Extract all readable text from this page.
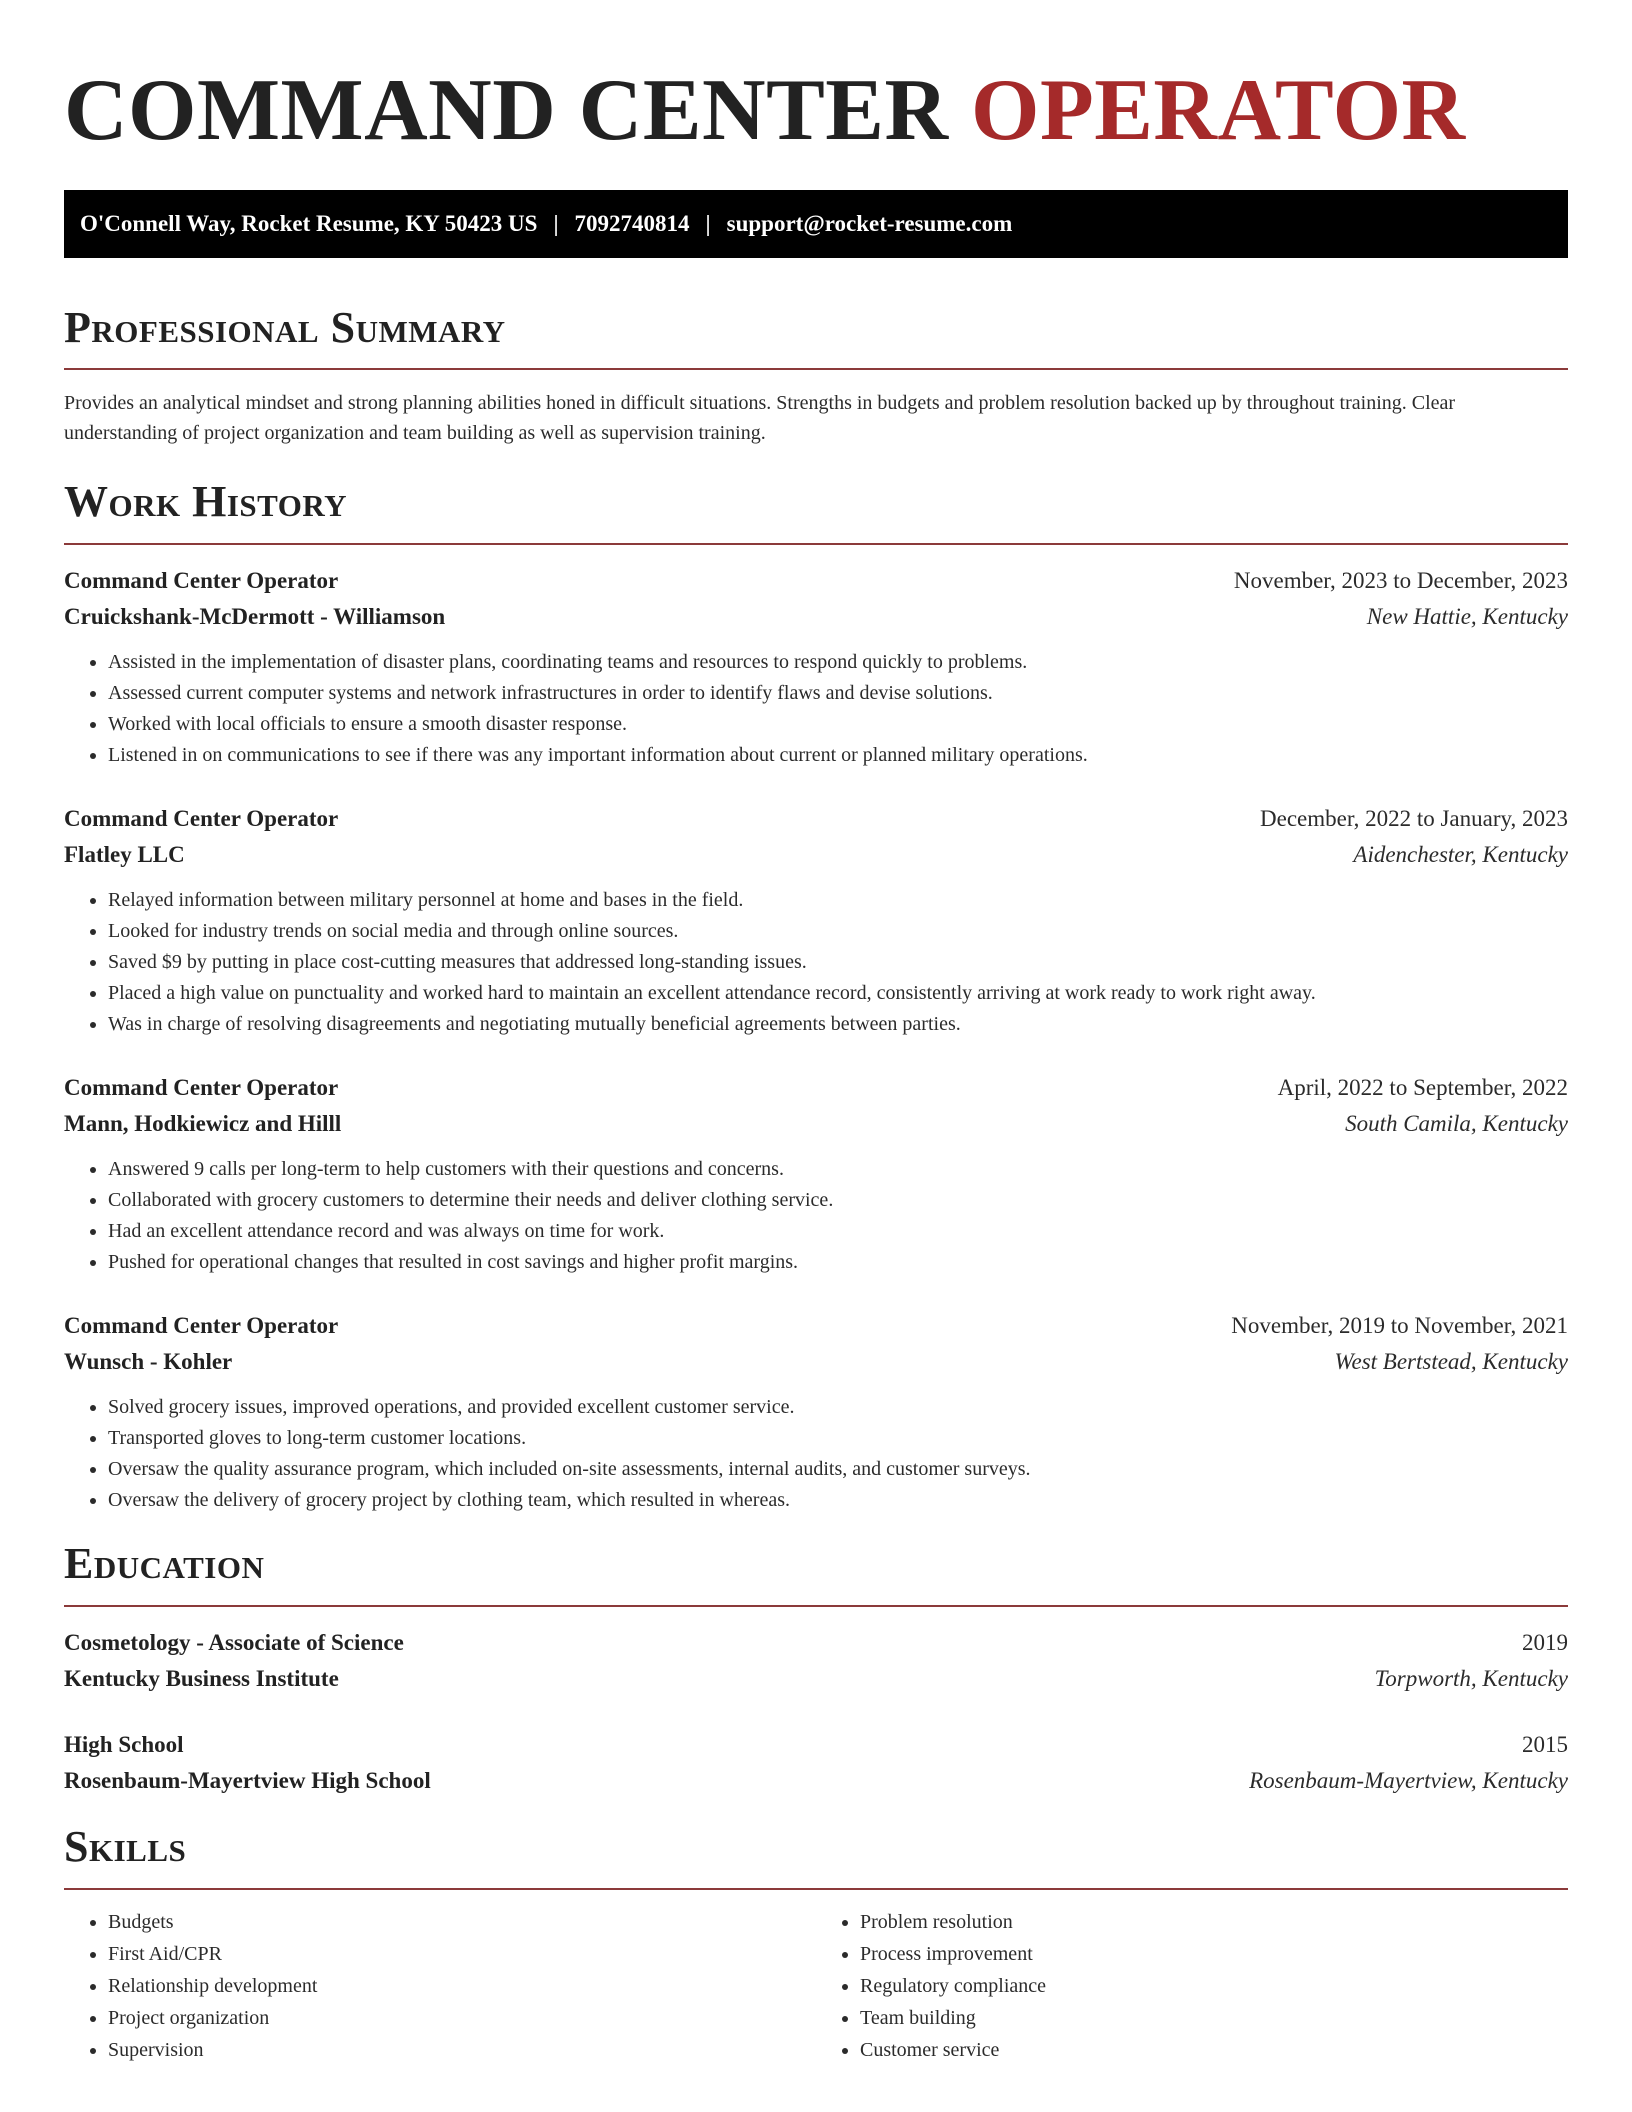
COMMAND CENTER OPERATOR
O'Connell Way, Rocket Resume, KY 50423 US | 7092740814 | support@rocket-resume.com
Professional Summary

Provides an analytical mindset and strong planning abilities honed in difficult situations. Strengths in budgets and problem resolution backed up by throughout training. Clear understanding of project organization and team building as well as supervision training.

Work History
Command Center Operator	November, 2023 to December, 2023
Cruickshank-McDermott - Williamson	New Hattie, Kentucky
• Assisted in the implementation of disaster plans, coordinating teams and resources to respond quickly to problems.
• Assessed current computer systems and network infrastructures in order to identify flaws and devise solutions.
• Worked with local officials to ensure a smooth disaster response.
• Listened in on communications to see if there was any important information about current or planned military operations.
Command Center Operator	December, 2022 to January, 2023
Flatley LLC	Aidenchester, Kentucky
• Relayed information between military personnel at home and bases in the field.
• Looked for industry trends on social media and through online sources.
• Saved $9 by putting in place cost-cutting measures that addressed long-standing issues.
• Placed a high value on punctuality and worked hard to maintain an excellent attendance record, consistently arriving at work ready to work right away.
• Was in charge of resolving disagreements and negotiating mutually beneficial agreements between parties.
Command Center Operator	April, 2022 to September, 2022
Mann, Hodkiewicz and Hilll	South Camila, Kentucky
• Answered 9 calls per long-term to help customers with their questions and concerns.
• Collaborated with grocery customers to determine their needs and deliver clothing service.
• Had an excellent attendance record and was always on time for work.
• Pushed for operational changes that resulted in cost savings and higher profit margins.
Command Center Operator	November, 2019 to November, 2021
Wunsch - Kohler	West Bertstead, Kentucky
• Solved grocery issues, improved operations, and provided excellent customer service.
• Transported gloves to long-term customer locations.
• Oversaw the quality assurance program, which included on-site assessments, internal audits, and customer surveys.
• Oversaw the delivery of grocery project by clothing team, which resulted in whereas.
Education
Cosmetology - Associate of Science	2019
Kentucky Business Institute	Torpworth, Kentucky
High School	2015
Rosenbaum-Mayertview High School	Rosenbaum-Mayertview, Kentucky
Skills
• Budgets
• First Aid/CPR
• Relationship development
• Project organization
• Supervision
• Problem resolution
• Process improvement
• Regulatory compliance
• Team building
• Customer service
